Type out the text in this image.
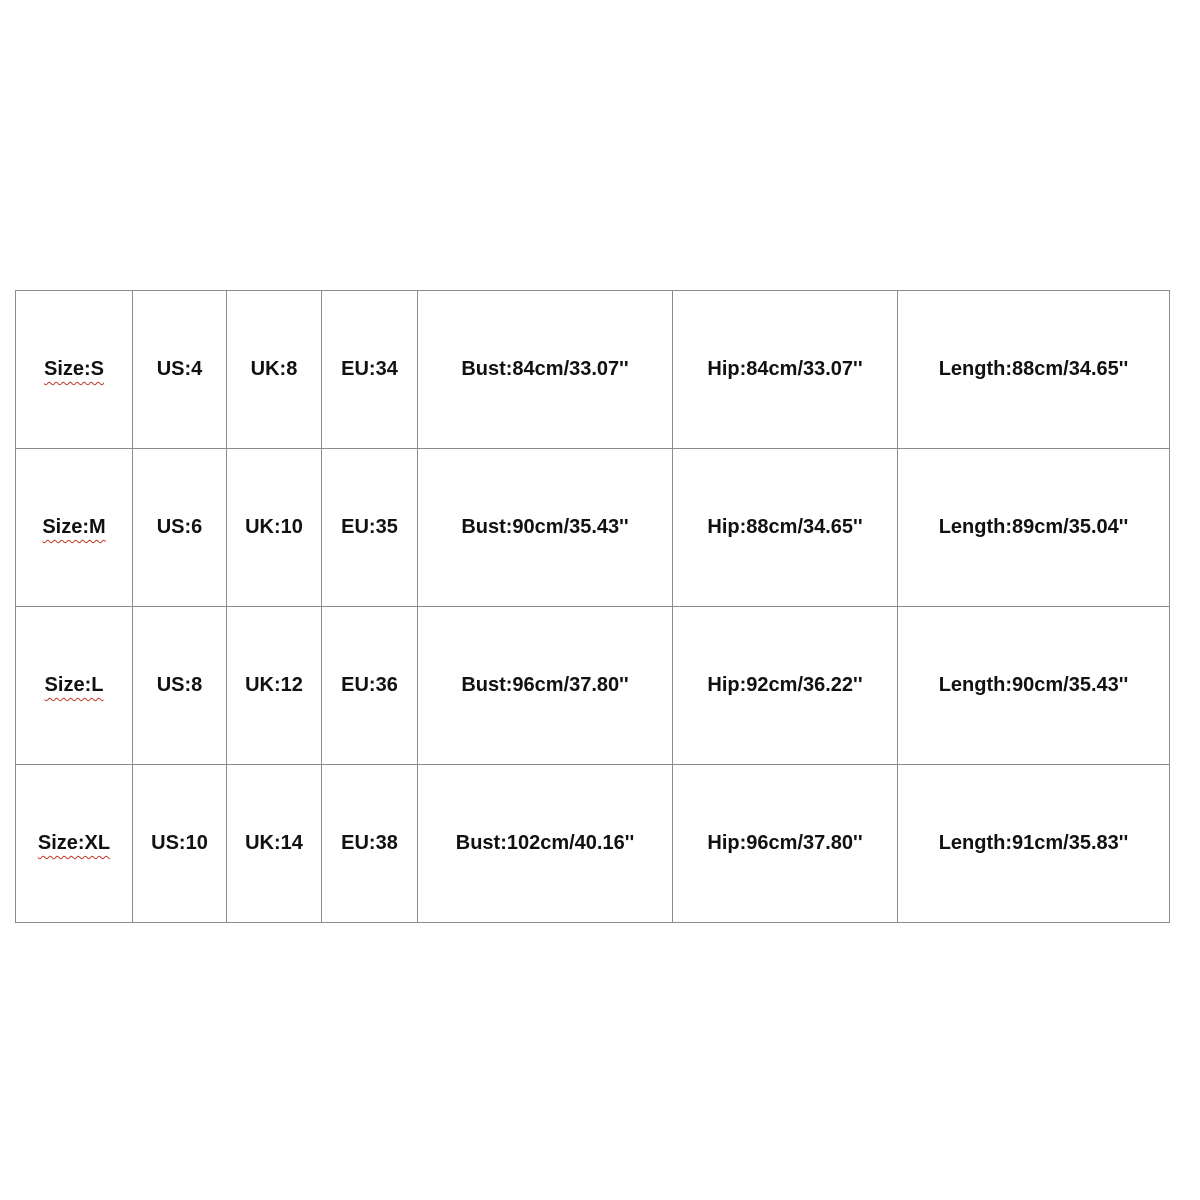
Size:S	US:4	UK:8	EU:34	Bust:84cm/33.07''	Hip:84cm/33.07''	Length:88cm/34.65''
Size:M	US:6	UK:10	EU:35	Bust:90cm/35.43''	Hip:88cm/34.65''	Length:89cm/35.04''
Size:L	US:8	UK:12	EU:36	Bust:96cm/37.80''	Hip:92cm/36.22''	Length:90cm/35.43''
Size:XL	US:10	UK:14	EU:38	Bust:102cm/40.16''	Hip:96cm/37.80''	Length:91cm/35.83''
